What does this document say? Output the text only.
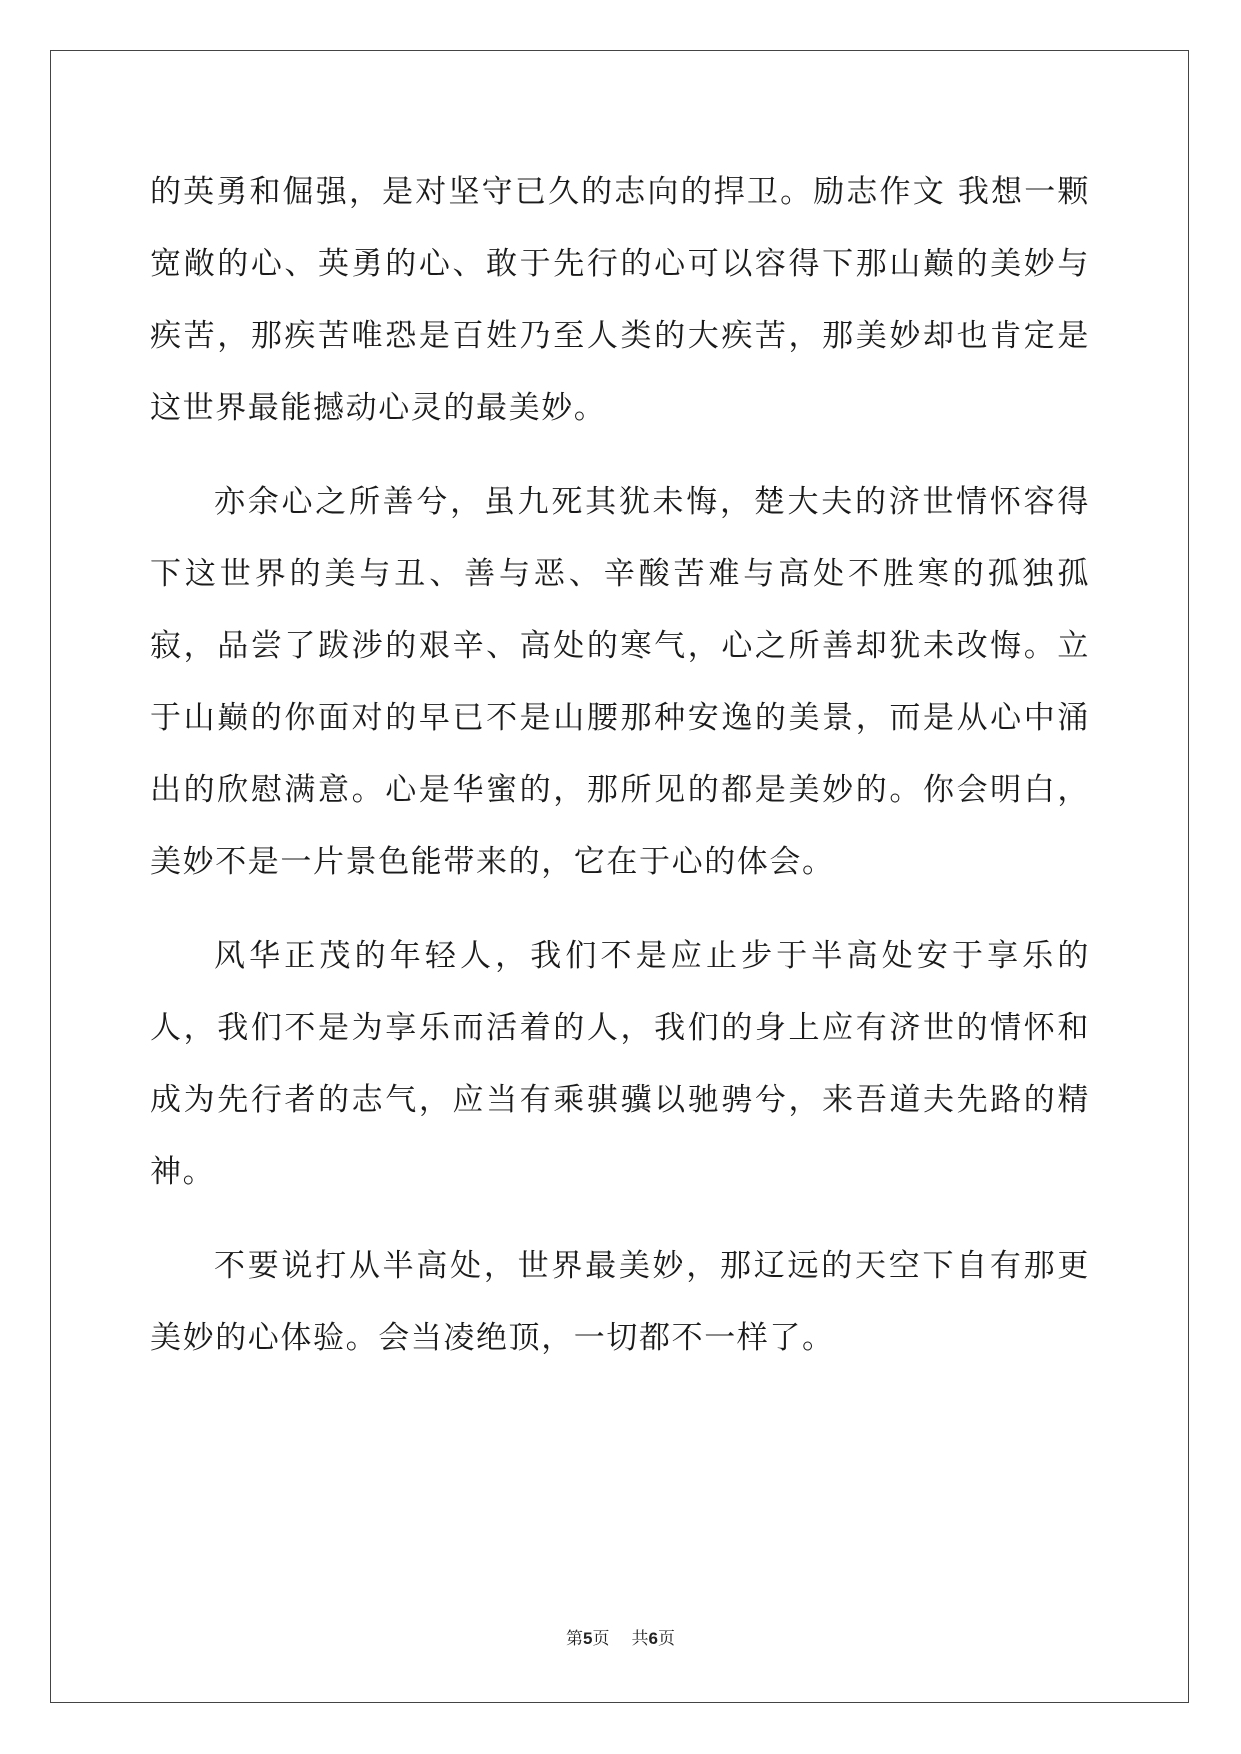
的英勇和倔强，是对坚守已久的志向的捍卫。励志作文 我想一颗宽敞的心、英勇的心、敢于先行的心可以容得下那山巅的美妙与疾苦，那疾苦唯恐是百姓乃至人类的大疾苦，那美妙却也肯定是这世界最能撼动心灵的最美妙。

亦余心之所善兮，虽九死其犹未悔，楚大夫的济世情怀容得下这世界的美与丑、善与恶、辛酸苦难与高处不胜寒的孤独孤寂，品尝了跋涉的艰辛、高处的寒气，心之所善却犹未改悔。立于山巅的你面对的早已不是山腰那种安逸的美景，而是从心中涌出的欣慰满意。心是华蜜的，那所见的都是美妙的。你会明白，美妙不是一片景色能带来的，它在于心的体会。

风华正茂的年轻人，我们不是应止步于半高处安于享乐的人，我们不是为享乐而活着的人，我们的身上应有济世的情怀和成为先行者的志气，应当有乘骐骥以驰骋兮，来吾道夫先路的精神。

不要说打从半高处，世界最美妙，那辽远的天空下自有那更美妙的心体验。会当凌绝顶，一切都不一样了。

第5页 共6页
